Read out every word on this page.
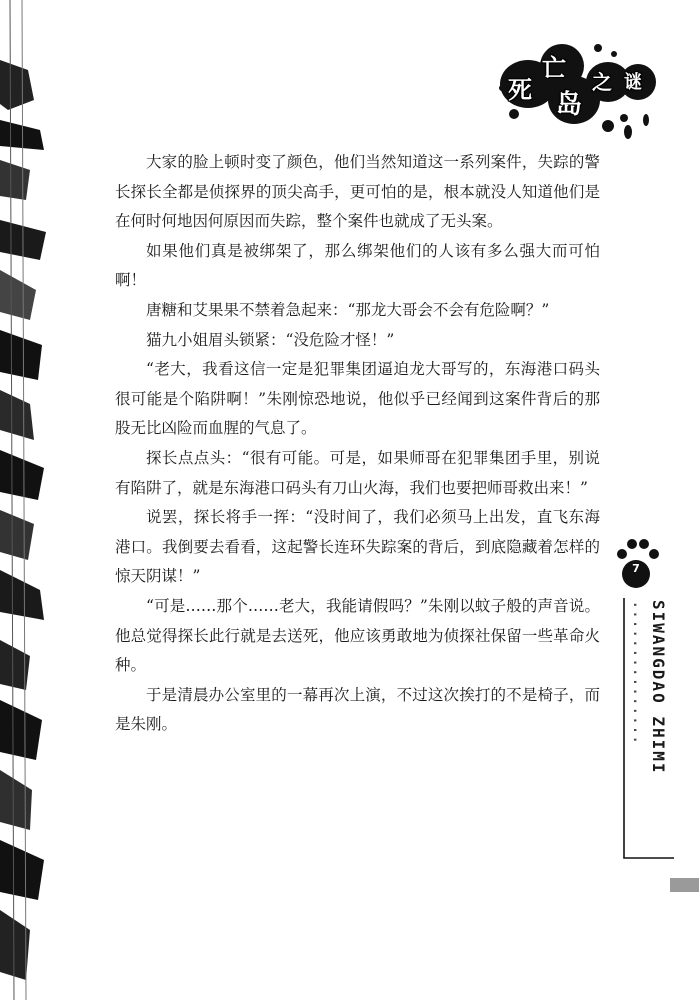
死
亡
岛
之 谜

大家的脸上顿时变了颜色，他们当然知道这一系列案件，失踪的警长探长全都是侦探界的顶尖高手，更可怕的是，根本就没人知道他们是在何时何地因何原因而失踪，整个案件也就成了无头案。

如果他们真是被绑架了，那么绑架他们的人该有多么强大而可怕啊！

唐糖和艾果果不禁着急起来：“那龙大哥会不会有危险啊？”

猫九小姐眉头锁紧：“没危险才怪！”

“老大，我看这信一定是犯罪集团逼迫龙大哥写的，东海港口码头很可能是个陷阱啊！”朱刚惊恐地说，他似乎已经闻到这案件背后的那股无比凶险而血腥的气息了。

探长点点头：“很有可能。可是，如果师哥在犯罪集团手里，别说有陷阱了，就是东海港口码头有刀山火海，我们也要把师哥救出来！”

说罢，探长将手一挥：“没时间了，我们必须马上出发，直飞东海港口。我倒要去看看，这起警长连环失踪案的背后，到底隐藏着怎样的惊天阴谋！”

“可是……那个……老大，我能请假吗？”朱刚以蚊子般的声音说。他总觉得探长此行就是去送死，他应该勇敢地为侦探社保留一些革命火种。

于是清晨办公室里的一幕再次上演，不过这次挨打的不是椅子，而是朱刚。

7
SIWANGDAO ZHIMI ...............
